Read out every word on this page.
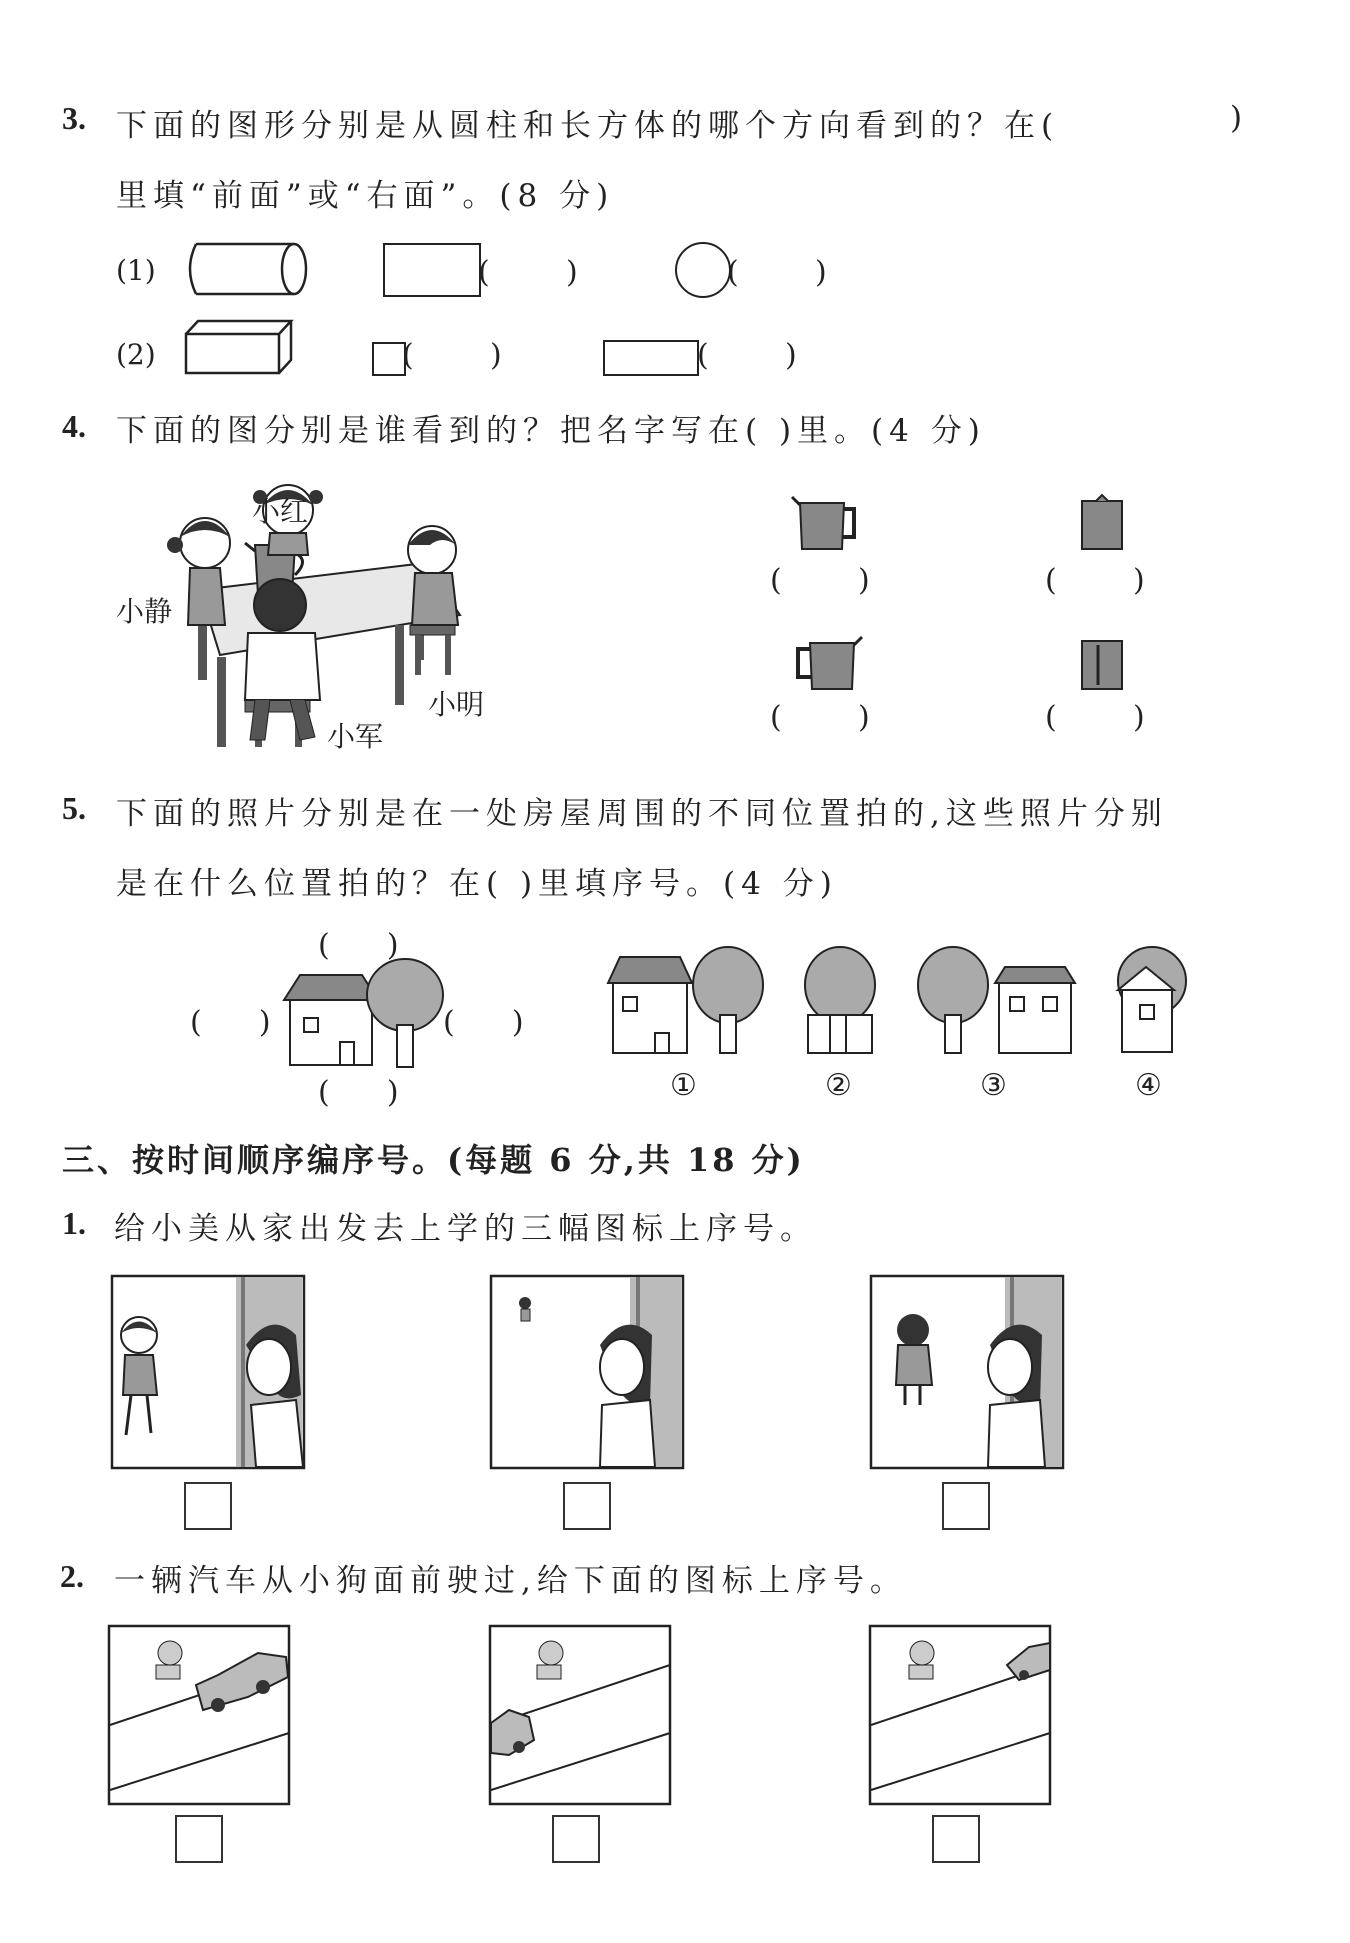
3. 下面的图形分别是从圆柱和长方体的哪个方向看到的？在(	)
里填“前面”或“右面”。(8 分)
(1)	(        )	(        )
(2)	(        )	(        )
4. 下面的图分别是谁看到的？把名字写在( )里。(4 分)
小红
小静
小明
小军
(        )	(        )
(        )	(        )
5. 下面的照片分别是在一处房屋周围的不同位置拍的,这些照片分别
是在什么位置拍的？在( )里填序号。(4 分)
(      )
(      )	(      )
(      )	①	②	③	④
三、按时间顺序编序号。(每题 6 分,共 18 分)
1. 给小美从家出发去上学的三幅图标上序号。
2. 一辆汽车从小狗面前驶过,给下面的图标上序号。
